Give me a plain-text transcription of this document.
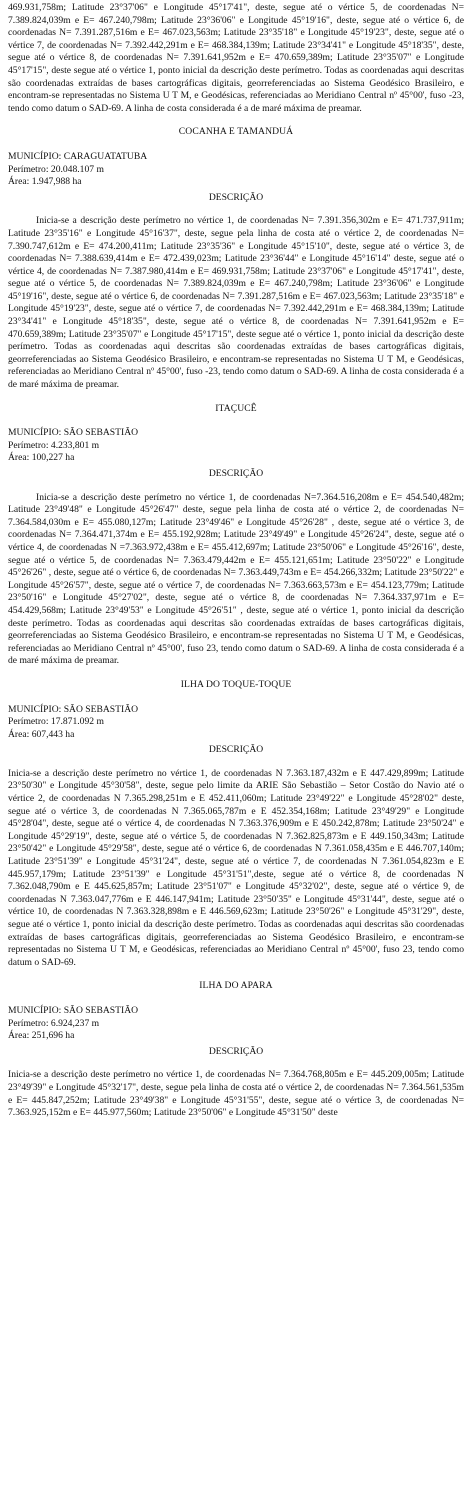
469.931,758m; Latitude 23°37'06" e Longitude 45°17'41", deste, segue até o vértice 5, de coordenadas N= 7.389.824,039m e E= 467.240,798m; Latitude 23°36'06" e Longitude 45°19'16", deste, segue até o vértice 6, de coordenadas N= 7.391.287,516m e E= 467.023,563m; Latitude 23°35'18" e Longitude 45°19'23", deste, segue até o vértice 7, de coordenadas N= 7.392.442,291m e E= 468.384,139m; Latitude 23°34'41" e Longitude 45°18'35", deste, segue até o vértice 8, de coordenadas N= 7.391.641,952m e E= 470.659,389m; Latitude 23°35'07" e Longitude 45°17'15", deste segue até o vértice 1, ponto inicial da descrição deste perímetro. Todas as coordenadas aqui descritas são coordenadas extraídas de bases cartográficas digitais, georreferenciadas ao Sistema Geodésico Brasileiro, e encontram-se representadas no Sistema U T M, e Geodésicas, referenciadas ao Meridiano Central nº 45°00', fuso -23, tendo como datum o SAD-69. A linha de costa considerada é a de maré máxima de preamar.

COCANHA E TAMANDUÁ

MUNICÍPIO: CARAGUATATUBA
Perímetro: 20.048.107 m
Área: 1.947,988 ha

DESCRIÇÃO

Inicia-se a descrição deste perímetro no vértice 1, de coordenadas N= 7.391.356,302m e E= 471.737,911m; Latitude 23°35'16" e Longitude 45°16'37", deste, segue pela linha de costa até o vértice 2, de coordenadas N= 7.390.747,612m e E= 474.200,411m; Latitude 23°35'36" e Longitude 45°15'10", deste, segue até o vértice 3, de coordenadas N= 7.388.639,414m e E= 472.439,023m; Latitude 23°36'44" e Longitude 45°16'14" deste, segue até o vértice 4, de coordenadas N= 7.387.980,414m e E= 469.931,758m; Latitude 23°37'06" e Longitude 45°17'41", deste, segue até o vértice 5, de coordenadas N= 7.389.824,039m e E= 467.240,798m; Latitude 23°36'06" e Longitude 45°19'16", deste, segue até o vértice 6, de coordenadas N= 7.391.287,516m e E= 467.023,563m; Latitude 23°35'18" e Longitude 45°19'23", deste, segue até o vértice 7, de coordenadas N= 7.392.442,291m e E= 468.384,139m; Latitude 23°34'41" e Longitude 45°18'35", deste, segue até o vértice 8, de coordenadas N= 7.391.641,952m e E= 470.659,389m; Latitude 23°35'07" e Longitude 45°17'15", deste segue até o vértice 1, ponto inicial da descrição deste perímetro. Todas as coordenadas aqui descritas são coordenadas extraídas de bases cartográficas digitais, georreferenciadas ao Sistema Geodésico Brasileiro, e encontram-se representadas no Sistema U T M, e Geodésicas, referenciadas ao Meridiano Central nº 45°00', fuso -23, tendo como datum o SAD-69. A linha de costa considerada é a de maré máxima de preamar.

ITAÇUCÊ

MUNICÍPIO: SÃO SEBASTIÃO
Perímetro: 4.233,801 m
Área: 100,227 ha

DESCRIÇÃO

Inicia-se a descrição deste perímetro no vértice 1, de coordenadas N=7.364.516,208m e E= 454.540,482m; Latitude 23°49'48" e Longitude 45°26'47" deste, segue pela linha de costa até o vértice 2, de coordenadas N= 7.364.584,030m e E= 455.080,127m; Latitude 23°49'46" e Longitude 45°26'28" , deste, segue até o vértice 3, de coordenadas N= 7.364.471,374m e E= 455.192,928m; Latitude 23°49'49" e Longitude 45°26'24", deste, segue até o vértice 4, de coordenadas N =7.363.972,438m e E= 455.412,697m; Latitude 23°50'06" e Longitude 45°26'16", deste, segue até o vértice 5, de coordenadas N= 7.363.479,442m e E= 455.121,651m; Latitude 23°50'22" e Longitude 45°26'26" , deste, segue até o vértice 6, de coordenadas N= 7.363.449,743m e E= 454.266,332m; Latitude 23°50'22" e Longitude 45°26'57", deste, segue até o vértice 7, de coordenadas N= 7.363.663,573m e E= 454.123,779m; Latitude 23°50'16" e Longitude 45°27'02", deste, segue até o vértice 8, de coordenadas N= 7.364.337,971m e E= 454.429,568m; Latitude 23°49'53" e Longitude 45°26'51" , deste, segue até o vértice 1, ponto inicial da descrição deste perímetro. Todas as coordenadas aqui descritas são coordenadas extraídas de bases cartográficas digitais, georreferenciadas ao Sistema Geodésico Brasileiro, e encontram-se representadas no Sistema U T M, e Geodésicas, referenciadas ao Meridiano Central nº 45°00', fuso 23, tendo como datum o SAD-69. A linha de costa considerada é a de maré máxima de preamar.

ILHA DO TOQUE-TOQUE

MUNICÍPIO: SÃO SEBASTIÃO
Perímetro: 17.871.092 m
Área: 607,443 ha

DESCRIÇÃO

Inicia-se a descrição deste perímetro no vértice 1, de coordenadas N 7.363.187,432m e E 447.429,899m; Latitude 23°50'30" e Longitude 45°30'58", deste, segue pelo limite da ARIE São Sebastião – Setor Costão do Navio até o vértice 2, de coordenadas N 7.365.298,251m e E 452.411,060m; Latitude 23°49'22" e Longitude 45°28'02" deste, segue até o vértice 3, de coordenadas N 7.365.065,787m e E 452.354,168m; Latitude 23°49'29" e Longitude 45°28'04", deste, segue até o vértice 4, de coordenadas N 7.363.376,909m e E 450.242,878m; Latitude 23°50'24" e Longitude 45°29'19", deste, segue até o vértice 5, de coordenadas N 7.362.825,873m e E 449.150,343m; Latitude 23°50'42" e Longitude 45°29'58", deste, segue até o vértice 6, de coordenadas N 7.361.058,435m e E 446.707,140m; Latitude 23°51'39" e Longitude 45°31'24", deste, segue até o vértice 7, de coordenadas N 7.361.054,823m e E 445.957,179m; Latitude 23°51'39" e Longitude 45°31'51",deste, segue até o vértice 8, de coordenadas N 7.362.048,790m e E 445.625,857m; Latitude 23°51'07" e Longitude 45°32'02", deste, segue até o vértice 9, de coordenadas N 7.363.047,776m e E 446.147,941m; Latitude 23°50'35" e Longitude 45°31'44", deste, segue até o vértice 10, de coordenadas N 7.363.328,898m e E 446.569,623m; Latitude 23°50'26" e Longitude 45°31'29", deste, segue até o vértice 1, ponto inicial da descrição deste perímetro. Todas as coordenadas aqui descritas são coordenadas extraídas de bases cartográficas digitais, georreferenciadas ao Sistema Geodésico Brasileiro, e encontram-se representadas no Sistema U T M, e Geodésicas, referenciadas ao Meridiano Central nº 45°00', fuso 23, tendo como datum o SAD-69.

ILHA DO APARA

MUNICÍPIO: SÃO SEBASTIÃO
Perímetro: 6.924,237 m
Área: 251,696 ha

DESCRIÇÃO

Inicia-se a descrição deste perímetro no vértice 1, de coordenadas N= 7.364.768,805m e E= 445.209,005m; Latitude 23°49'39" e Longitude 45°32'17", deste, segue pela linha de costa até o vértice 2, de coordenadas N= 7.364.561,535m e E= 445.847,252m; Latitude 23°49'38" e Longitude 45°31'55", deste, segue até o vértice 3, de coordenadas N= 7.363.925,152m e E= 445.977,560m; Latitude 23°50'06" e Longitude 45°31'50" deste
